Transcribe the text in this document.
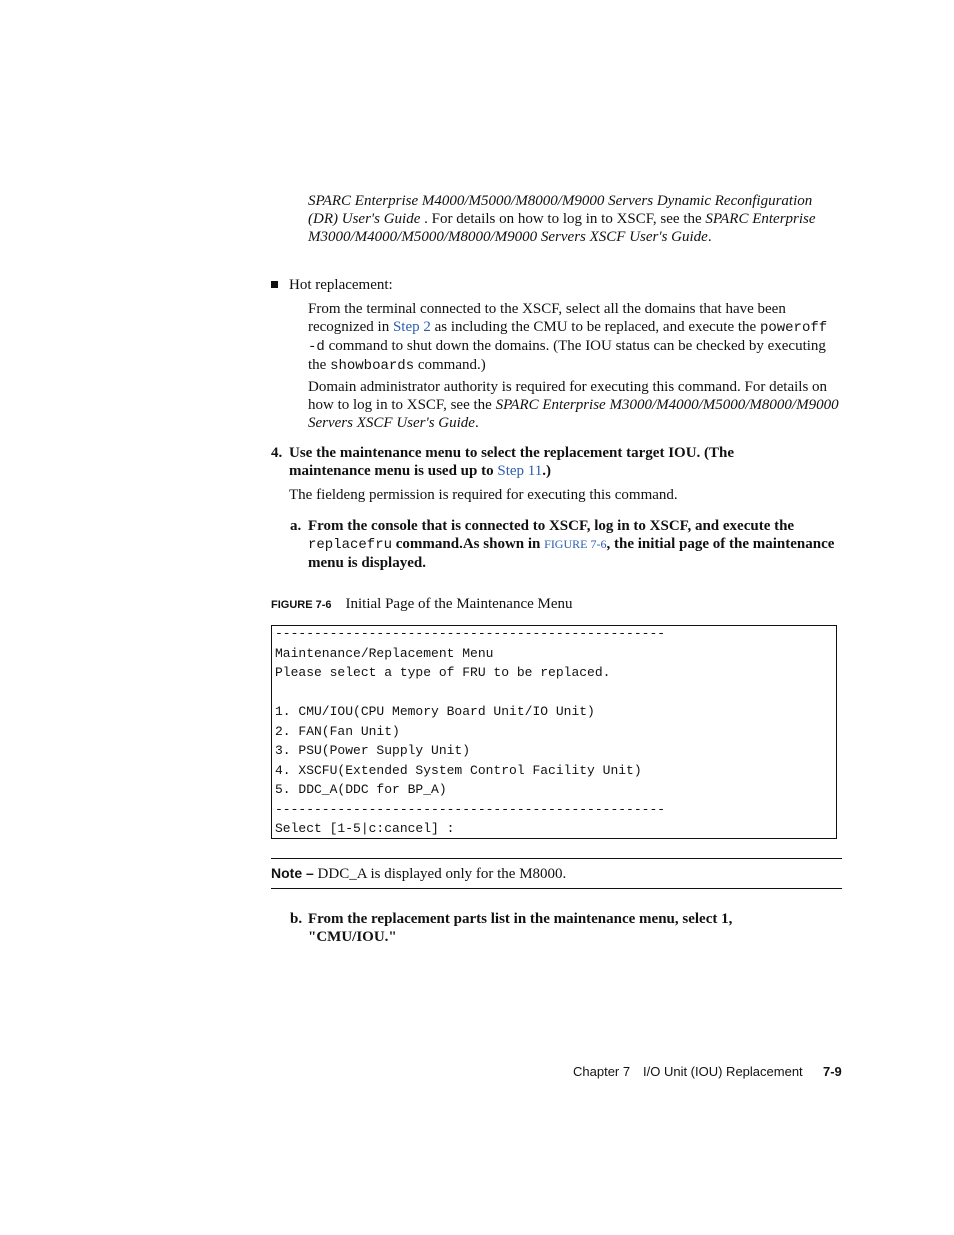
SPARC Enterprise M4000/M5000/M8000/M9000 Servers Dynamic Reconfiguration (DR) User's Guide . For details on how to log in to XSCF, see the SPARC Enterprise M3000/M4000/M5000/M8000/M9000 Servers XSCF User's Guide.
Hot replacement:
From the terminal connected to the XSCF, select all the domains that have been recognized in Step 2 as including the CMU to be replaced, and execute the poweroff -d command to shut down the domains. (The IOU status can be checked by executing the showboards command.)
Domain administrator authority is required for executing this command. For details on how to log in to XSCF, see the SPARC Enterprise M3000/M4000/M5000/M8000/M9000 Servers XSCF User's Guide.
4. Use the maintenance menu to select the replacement target IOU. (The maintenance menu is used up to Step 11.)
The fieldeng permission is required for executing this command.
a. From the console that is connected to XSCF, log in to XSCF, and execute the replacefru command.As shown in FIGURE 7-6, the initial page of the maintenance menu is displayed.
FIGURE 7-6 Initial Page of the Maintenance Menu
--------------------------------------------------
Maintenance/Replacement Menu
Please select a type of FRU to be replaced.
1. CMU/IOU(CPU Memory Board Unit/IO Unit)
2. FAN(Fan Unit)
3. PSU(Power Supply Unit)
4. XSCFU(Extended System Control Facility Unit)
5. DDC_A(DDC for BP_A)
--------------------------------------------------
Select [1-5|c:cancel] :
Note – DDC_A is displayed only for the M8000.
b. From the replacement parts list in the maintenance menu, select 1, "CMU/IOU."
Chapter 7 I/O Unit (IOU) Replacement 7-9
